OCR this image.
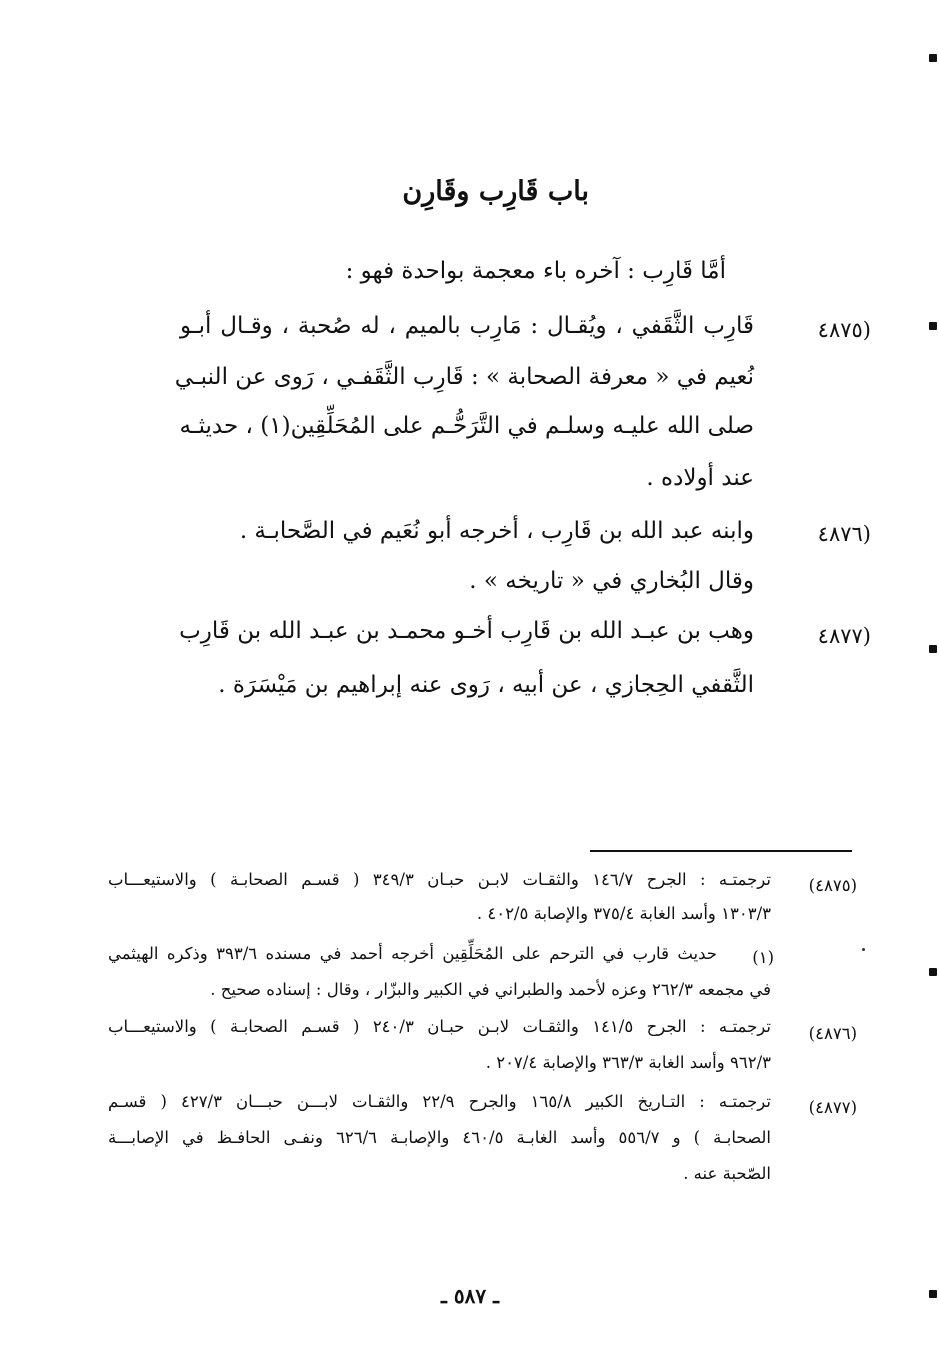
باب قَارِب وقَارِن
أمَّا قَارِب : آخره باء معجمة بواحدة فهو :
(٤٨٧٥
قَارِب الثَّقَفي ، ويُقـال : مَارِب بالميم ، له صُحبة ، وقـال أبـو
نُعيم في « معرفة الصحابة » : قَارِب الثَّقَفـي ، رَوى عن النبـي
صلى الله عليـه وسلـم في التَّرَحُّـم على المُحَلِّقِين(١) ، حديثـه
عند أولاده .
(٤٨٧٦
وابنه عبد الله بن قَارِب ، أخرجه أبو نُعَيم في الصَّحابـة .
وقال البُخاري في « تاريخه » .
(٤٨٧٧
وهب بن عبـد الله بن قَارِب أخـو محمـد بن عبـد الله بن قَارِب
الثَّقفي الحِجازي ، عن أبيه ، رَوى عنه إبراهيم بن مَيْسَرَة .
(٤٨٧٥)
ترجمتـه : الجرح ١٤٦/٧ والثقـات لابـن حبـان ٣٤٩/٣ ( قسـم الصحابـة ) والاستيعـــاب
١٣٠٣/٣ وأسد الغابة ٣٧٥/٤ والإصابة ٤٠٢/٥ .
(١)
حديث قارب في الترحم على المُحَلِّقِين أخرجه أحمد في مسنده ٣٩٣/٦ وذكره الهيثمي
في مجمعه ٢٦٢/٣ وعزه لأحمد والطبراني في الكبير والبزّار ، وقال : إسناده صحيح .
(٤٨٧٦)
ترجمتـه : الجرح ١٤١/٥ والثقـات لابـن حبـان ٢٤٠/٣ ( قسـم الصحابـة ) والاستيعـــاب
٩٦٢/٣ وأسد الغابة ٣٦٣/٣ والإصابة ٢٠٧/٤ .
(٤٨٧٧)
ترجمتـه : التـاريخ الكبير ١٦٥/٨ والجرح ٢٢/٩ والثقـات لابـــن حبـــان ٤٢٧/٣ ( قسـم
الصحابـة ) و ٥٥٦/٧ وأسد الغابـة ٤٦٠/٥ والإصابـة ٦٢٦/٦ ونفـى الحافـظ في الإصابـــة
الصّحبة عنه .
ـ ٥٨٧ ـ
